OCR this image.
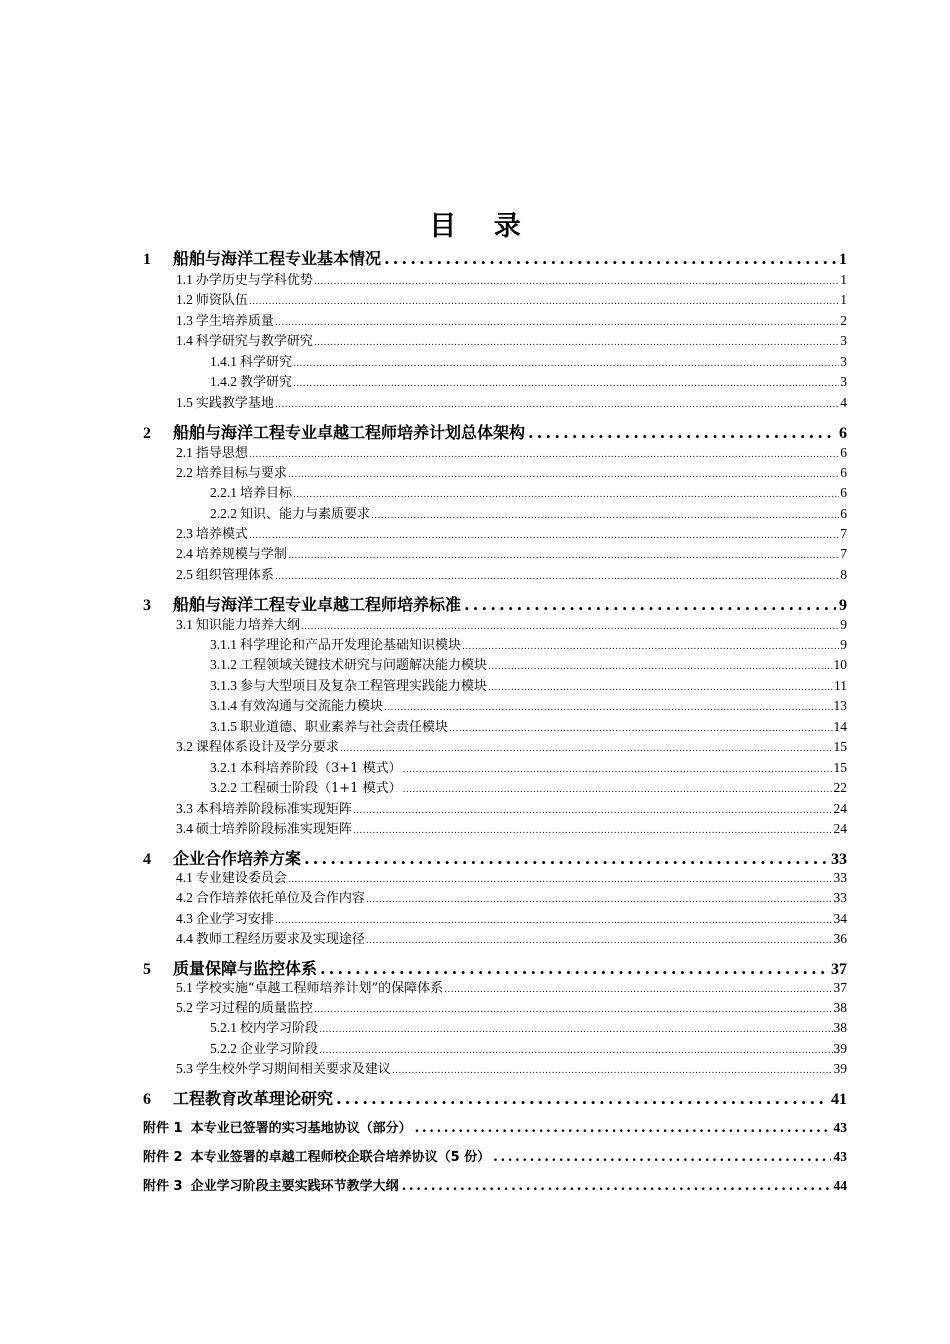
目 录
1	船舶与海洋工程专业基本情况 .....	1
1.1 办学历史与学科优势 .....	1
1.2 师资队伍 .....	1
1.3 学生培养质量 .....	2
1.4 科学研究与教学研究 .....	3
1.4.1 科学研究 .....	3
1.4.2 教学研究 .....	3
1.5 实践教学基地 .....	4
2	船舶与海洋工程专业卓越工程师培养计划总体架构 .....	6
2.1 指导思想 .....	6
2.2 培养目标与要求 .....	6
2.2.1 培养目标 .....	6
2.2.2 知识、能力与素质要求 .....	6
2.3 培养模式 .....	7
2.4 培养规模与学制 .....	7
2.5 组织管理体系 .....	8
3	船舶与海洋工程专业卓越工程师培养标准 .....	9
3.1 知识能力培养大纲 .....	9
3.1.1 科学理论和产品开发理论基础知识模块 .....	9
3.1.2 工程领域关键技术研究与问题解决能力模块 .....	10
3.1.3 参与大型项目及复杂工程管理实践能力模块 .....	11
3.1.4 有效沟通与交流能力模块 .....	13
3.1.5 职业道德、职业素养与社会责任模块 .....	14
3.2 课程体系设计及学分要求 .....	15
3.2.1 本科培养阶段（3+1 模式） .....	15
3.2.2 工程硕士阶段（1+1 模式） .....	22
3.3 本科培养阶段标准实现矩阵 .....	24
3.4 硕士培养阶段标准实现矩阵 .....	24
4	企业合作培养方案 .....	33
4.1 专业建设委员会 .....	33
4.2 合作培养依托单位及合作内容 .....	33
4.3 企业学习安排 .....	34
4.4 教师工程经历要求及实现途径 .....	36
5	质量保障与监控体系 .....	37
5.1 学校实施“卓越工程师培养计划”的保障体系 .....	37
5.2 学习过程的质量监控 .....	38
5.2.1 校内学习阶段 .....	38
5.2.2 企业学习阶段 .....	39
5.3 学生校外学习期间相关要求及建议 .....	39
6	工程教育改革理论研究 .....	41
附件 1 本专业已签署的实习基地协议（部分） .....	43
附件 2 本专业签署的卓越工程师校企联合培养协议（5 份） .....	43
附件 3 企业学习阶段主要实践环节教学大纲 .....	44
